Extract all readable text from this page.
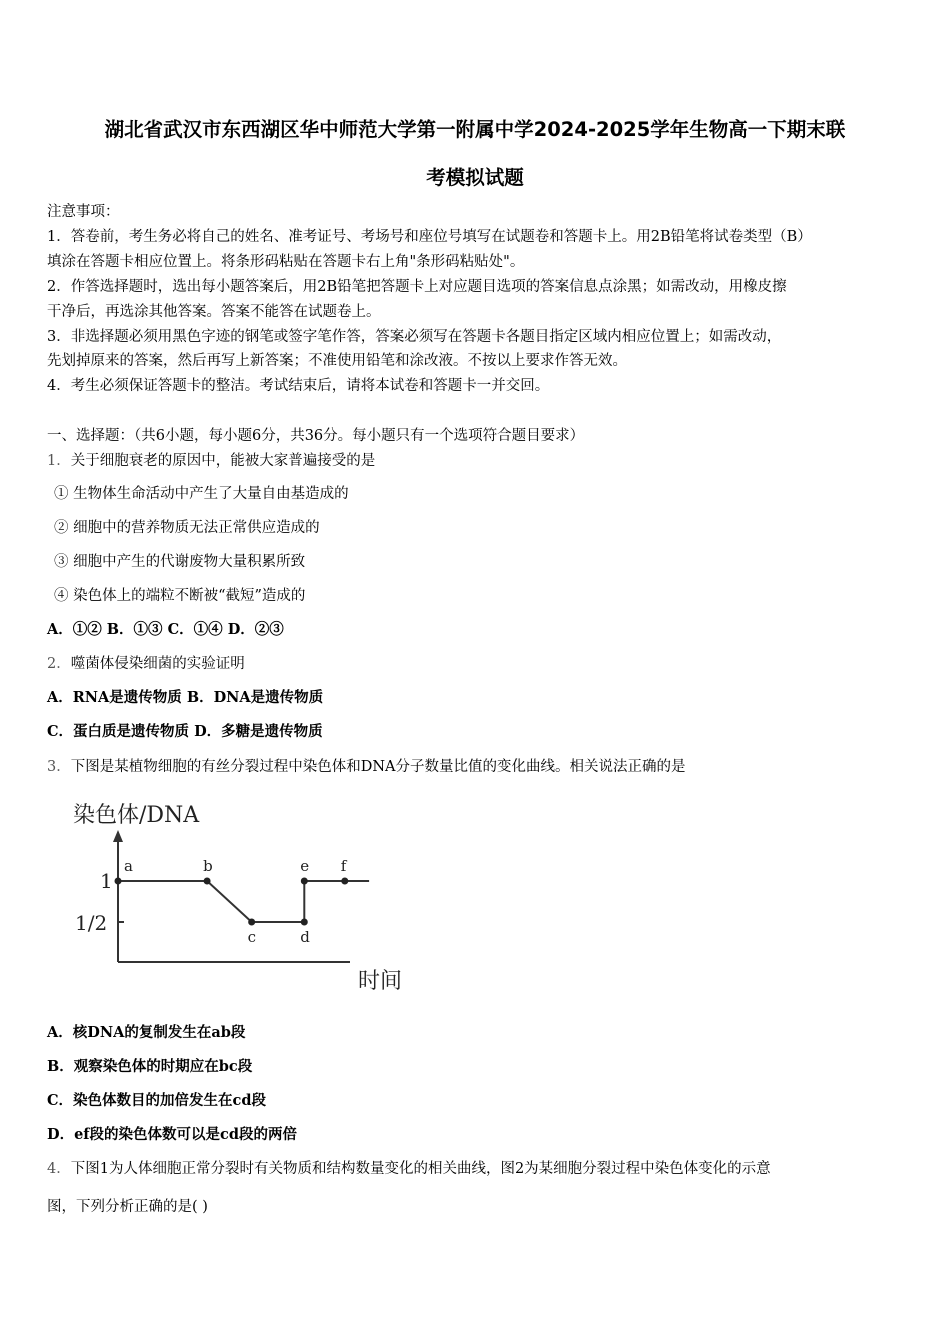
湖北省武汉市东西湖区华中师范大学第一附属中学2024-2025学年生物高一下期末联
考模拟试题
注意事项：
1．答卷前，考生务必将自己的姓名、准考证号、考场号和座位号填写在试题卷和答题卡上。用2B铅笔将试卷类型（B）
填涂在答题卡相应位置上。将条形码粘贴在答题卡右上角"条形码粘贴处"。
2．作答选择题时，选出每小题答案后，用2B铅笔把答题卡上对应题目选项的答案信息点涂黑；如需改动，用橡皮擦
干净后，再选涂其他答案。答案不能答在试题卷上。
3．非选择题必须用黑色字迹的钢笔或签字笔作答，答案必须写在答题卡各题目指定区域内相应位置上；如需改动，
先划掉原来的答案，然后再写上新答案；不准使用铅笔和涂改液。不按以上要求作答无效。
4．考生必须保证答题卡的整洁。考试结束后，请将本试卷和答题卡一并交回。
一、选择题：（共6小题，每小题6分，共36分。每小题只有一个选项符合题目要求）
1．关于细胞衰老的原因中，能被大家普遍接受的是
① 生物体生命活动中产生了大量自由基造成的
② 细胞中的营养物质无法正常供应造成的
③ 细胞中产生的代谢废物大量积累所致
④ 染色体上的端粒不断被“截短”造成的
A．①② B．①③ C．①④ D．②③
2．噬菌体侵染细菌的实验证明
A．RNA是遗传物质 B．DNA是遗传物质
C．蛋白质是遗传物质 D．多糖是遗传物质
3．下图是某植物细胞的有丝分裂过程中染色体和DNA分子数量比值的变化曲线。相关说法正确的是
染色体/DNA
1
1/2
时间
a	b
c	d
e f
A．核DNA的复制发生在ab段
B．观察染色体的时期应在bc段
C．染色体数目的加倍发生在cd段
D．ef段的染色体数可以是cd段的两倍
4．下图1为人体细胞正常分裂时有关物质和结构数量变化的相关曲线，图2为某细胞分裂过程中染色体变化的示意
图，下列分析正确的是( )
